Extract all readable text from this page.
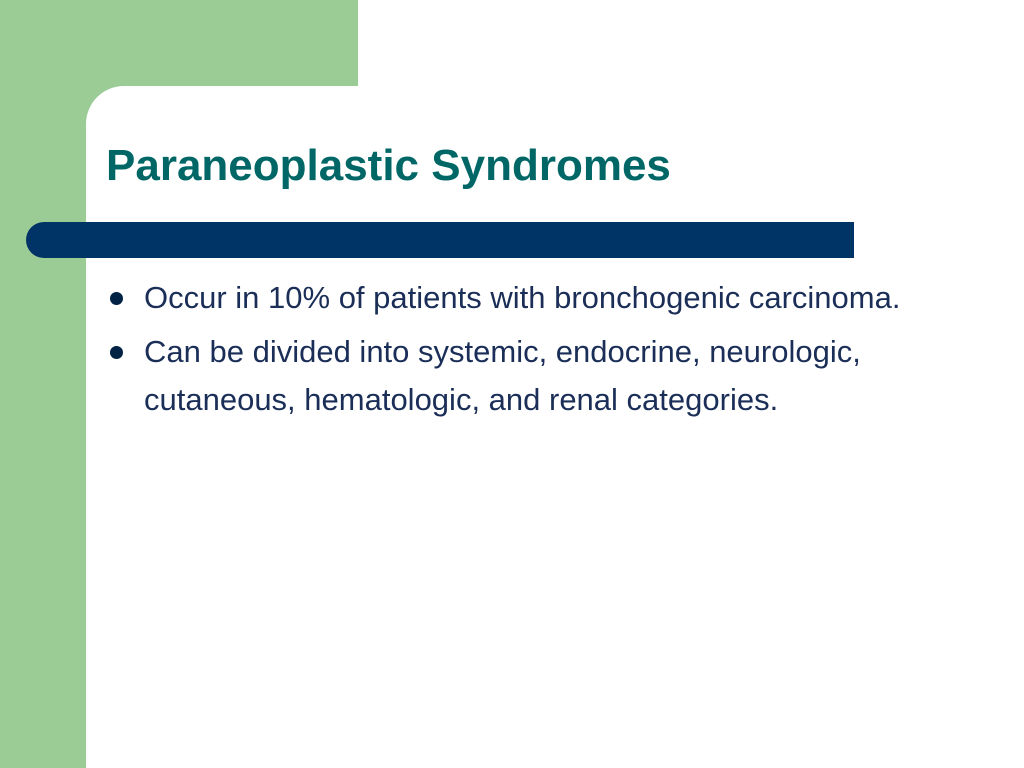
Paraneoplastic Syndromes
Occur in 10% of patients with bronchogenic carcinoma.
Can be divided into systemic, endocrine, neurologic, cutaneous, hematologic, and renal categories.
